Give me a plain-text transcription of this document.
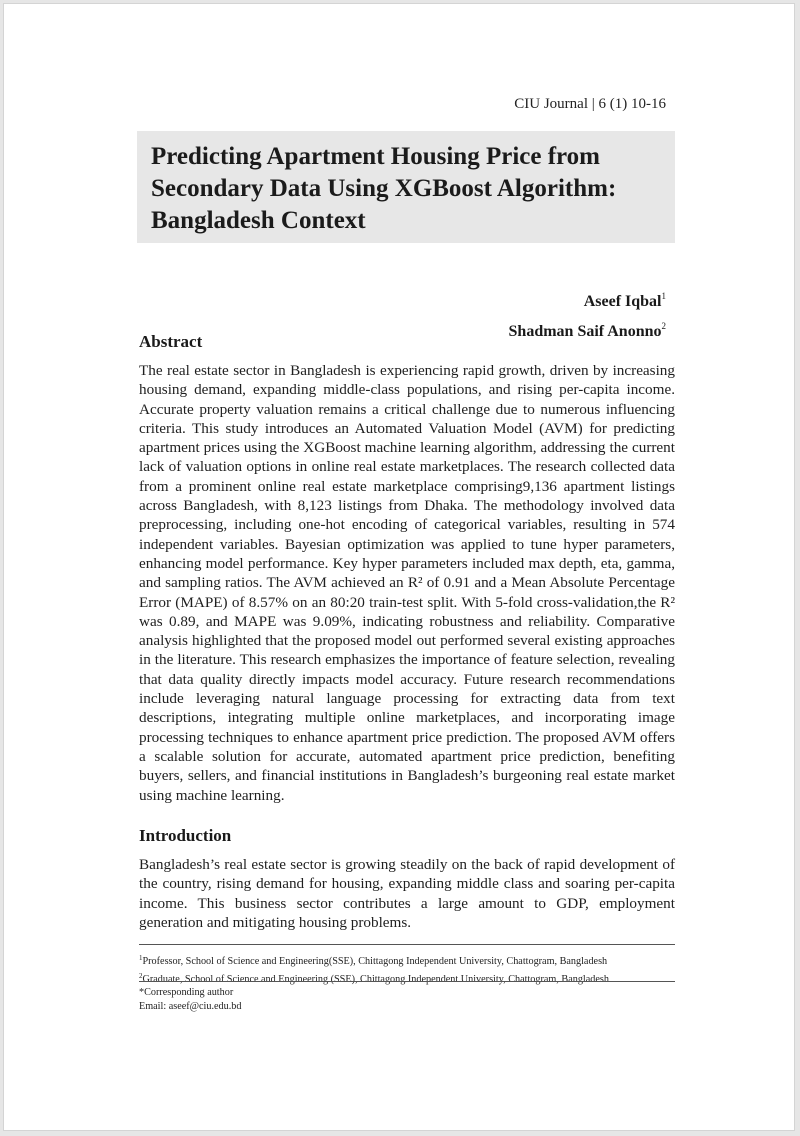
CIU Journal | 6 (1) 10-16
Predicting Apartment Housing Price from Secondary Data Using XGBoost Algorithm: Bangladesh Context
Aseef Iqbal$^1$
Shadman Saif Anonno$^2$
Abstract

The real estate sector in Bangladesh is experiencing rapid growth, driven by increasing housing demand, expanding middle-class populations, and rising per-capita income. Accurate property valuation remains a critical challenge due to numerous influencing criteria. This study introduces an Automated Valuation Model (AVM) for predicting apartment prices using the XGBoost machine learning algorithm, addressing the current lack of valuation options in online real estate marketplaces. The research collected data from a prominent online real estate marketplace comprising9,136 apartment listings across Bangladesh, with 8,123 listings from Dhaka. The methodology involved data preprocessing, including one-hot encoding of categorical variables, resulting in 574 independent variables. Bayesian optimization was applied to tune hyper parameters, enhancing model performance. Key hyper parameters included max depth, eta, gamma, and sampling ratios. The AVM achieved an R² of 0.91 and a Mean Absolute Percentage Error (MAPE) of 8.57% on an 80:20 train-test split. With 5-fold cross-validation,the R² was 0.89, and MAPE was 9.09%, indicating robustness and reliability. Comparative analysis highlighted that the proposed model out performed several existing approaches in the literature. This research emphasizes the importance of feature selection, revealing that data quality directly impacts model accuracy. Future research recommendations include leveraging natural language processing for extracting data from text descriptions, integrating multiple online marketplaces, and incorporating image processing techniques to enhance apartment price prediction. The proposed AVM offers a scalable solution for accurate, automated apartment price prediction, benefiting buyers, sellers, and financial institutions in Bangladesh’s burgeoning real estate market using machine learning.

Introduction

Bangladesh’s real estate sector is growing steadily on the back of rapid development of the country, rising demand for housing, expanding middle class and soaring per-capita income. This business sector contributes a large amount to GDP, employment generation and mitigating housing problems.

$^1$Professor, School of Science and Engineering(SSE), Chittagong Independent University, Chattogram, Bangladesh
$^2$Graduate, School of Science and Engineering (SSE), Chittagong Independent University, Chattogram, Bangladesh
*Corresponding author
Email: aseef@ciu.edu.bd
